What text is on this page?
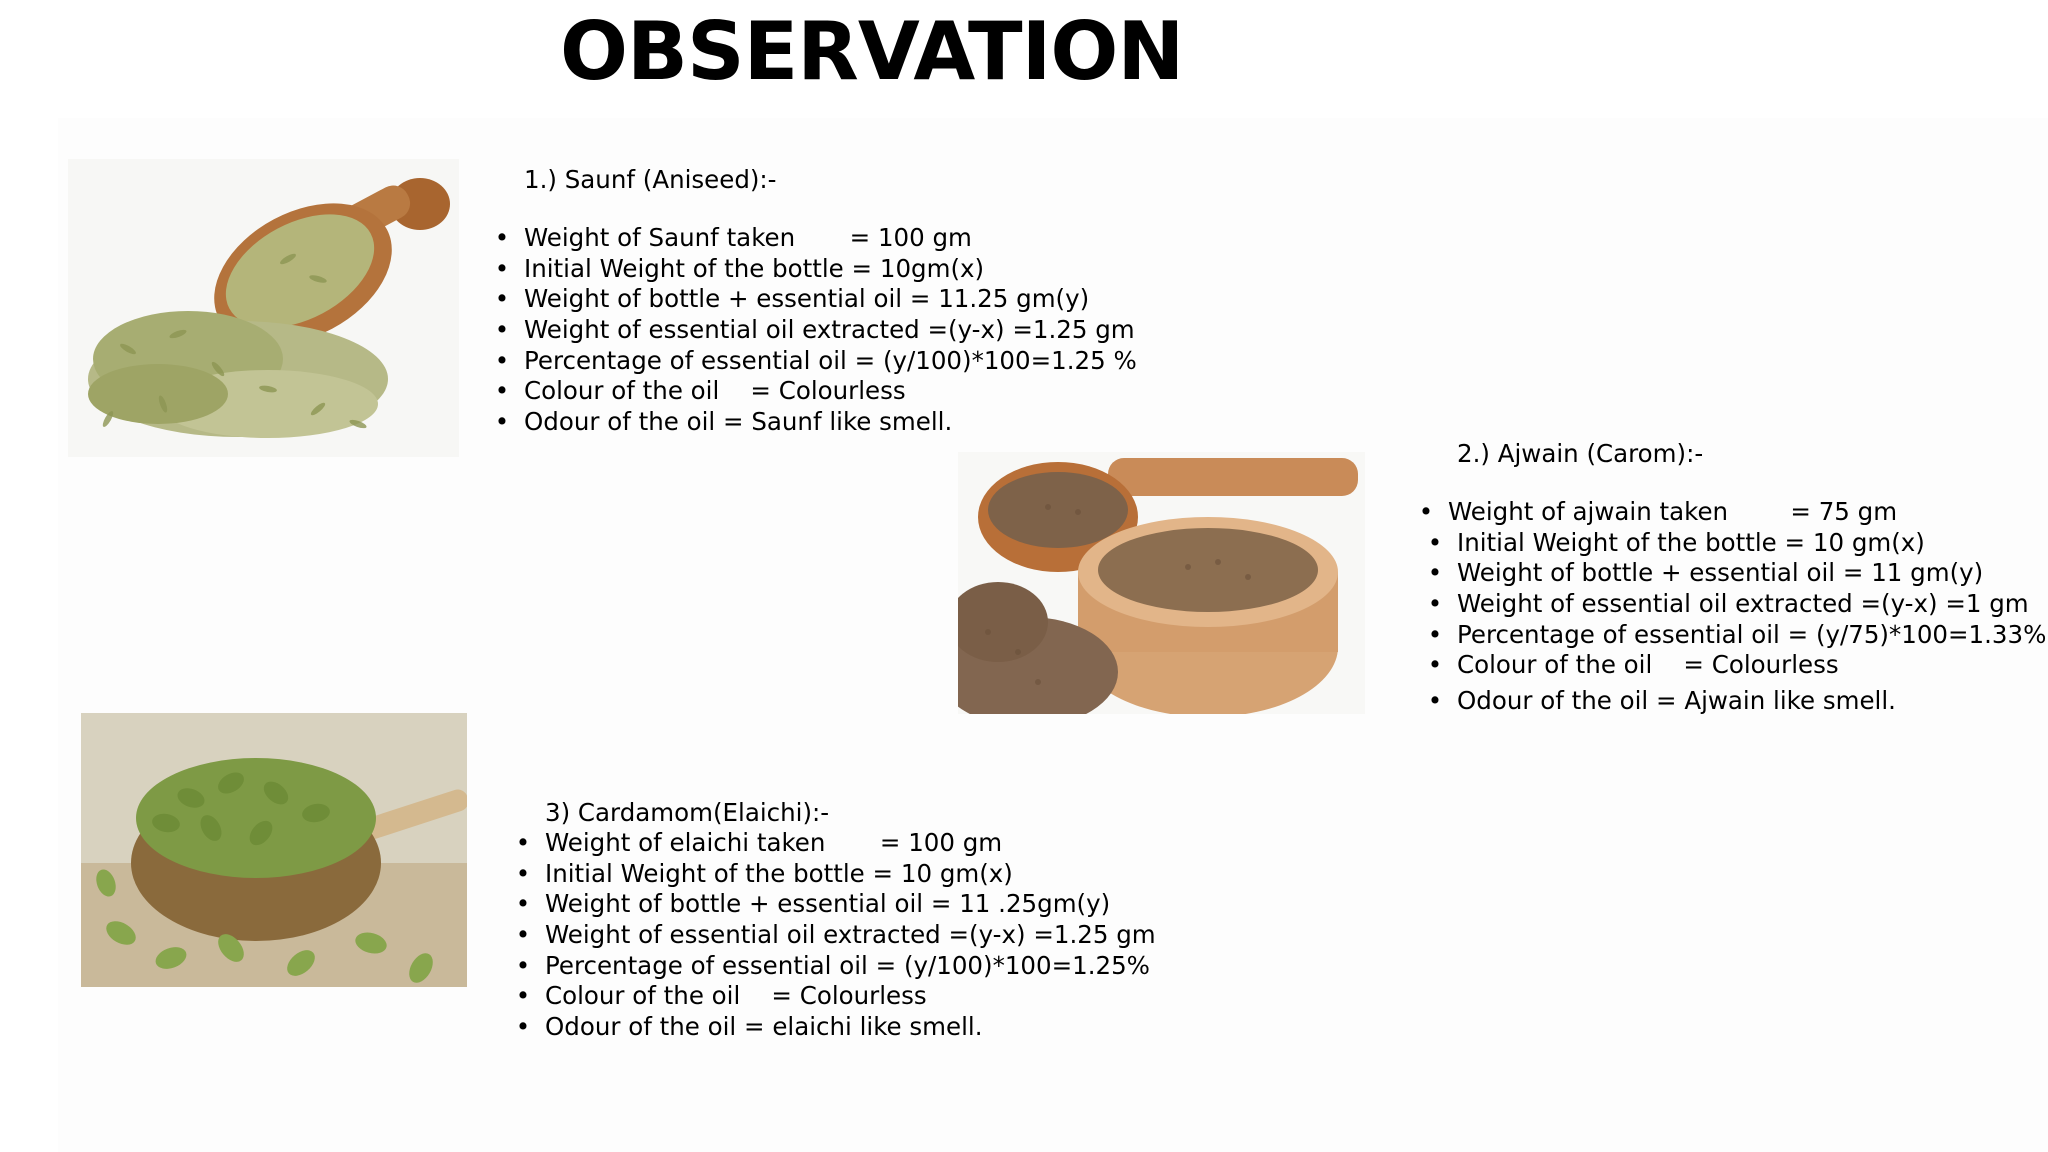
OBSERVATION
1.) Saunf (Aniseed):-
• Weight of Saunf taken       = 100 gm
• Initial Weight of the bottle = 10gm(x)
• Weight of bottle + essential oil = 11.25 gm(y)
• Weight of essential oil extracted =(y-x) =1.25 gm
• Percentage of essential oil = (y/100)*100=1.25 %
• Colour of the oil    = Colourless
• Odour of the oil = Saunf like smell.
2.) Ajwain (Carom):-
• Weight of ajwain taken        = 75 gm
• Initial Weight of the bottle = 10 gm(x)
• Weight of bottle + essential oil = 11 gm(y)
• Weight of essential oil extracted =(y-x) =1 gm
• Percentage of essential oil = (y/75)*100=1.33%
• Colour of the oil    = Colourless
• Odour of the oil = Ajwain like smell.
3) Cardamom(Elaichi):-
• Weight of elaichi taken       = 100 gm
• Initial Weight of the bottle = 10 gm(x)
• Weight of bottle + essential oil = 11 .25gm(y)
• Weight of essential oil extracted =(y-x) =1.25 gm
• Percentage of essential oil = (y/100)*100=1.25%
• Colour of the oil    = Colourless
• Odour of the oil = elaichi like smell.
